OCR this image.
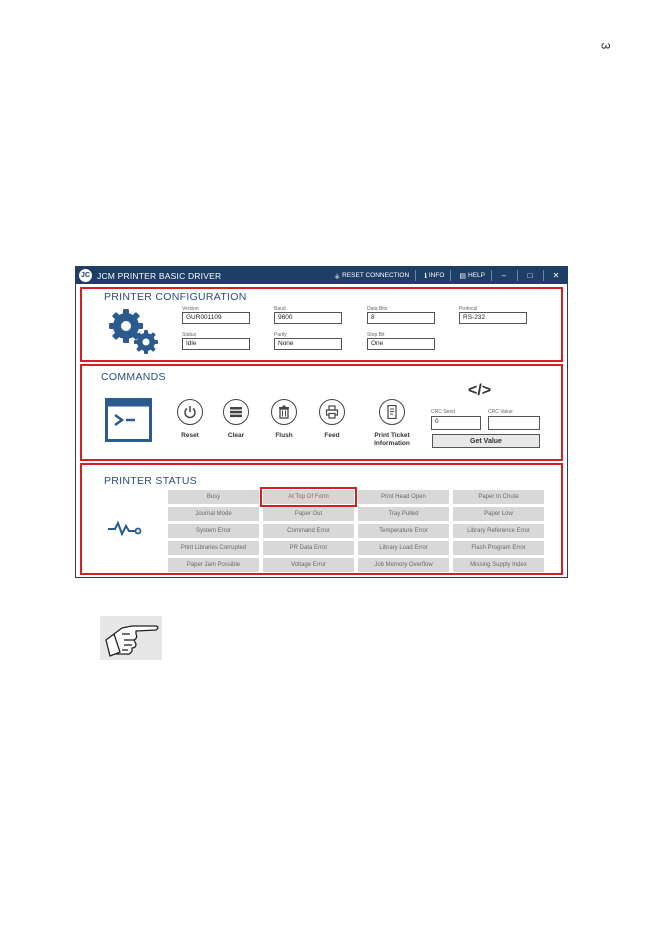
3
JC JCM PRINTER BASIC DRIVER	⚶ RESET CONNECTION ℹ INFO ▤ HELP	‒	□	✕
PRINTER CONFIGURATION
Version
GUR001109
Baud
9600
Data Bits
8
Protocol
RS-232
Status
Idle
Parity
None
Stop Bit
One
COMMANDS
Reset	Clear	Flush	Feed	Print Ticket
Information
</>
CRC Seed
0
CRC Value
Get Value
PRINTER STATUS
Busy	At Top Of Form	Print Head Open	Paper In Chute
Journal Mode	Paper Out	Tray Pulled	Paper Low
System Error	Command Error	Temperature Error	Library Reference Error
Print Libraries Corrupted	PR Data Error	Library Load Error	Flash Program Error
Paper Jam Possible	Voltage Error	Job Memory Overflow	Missing Supply Index
